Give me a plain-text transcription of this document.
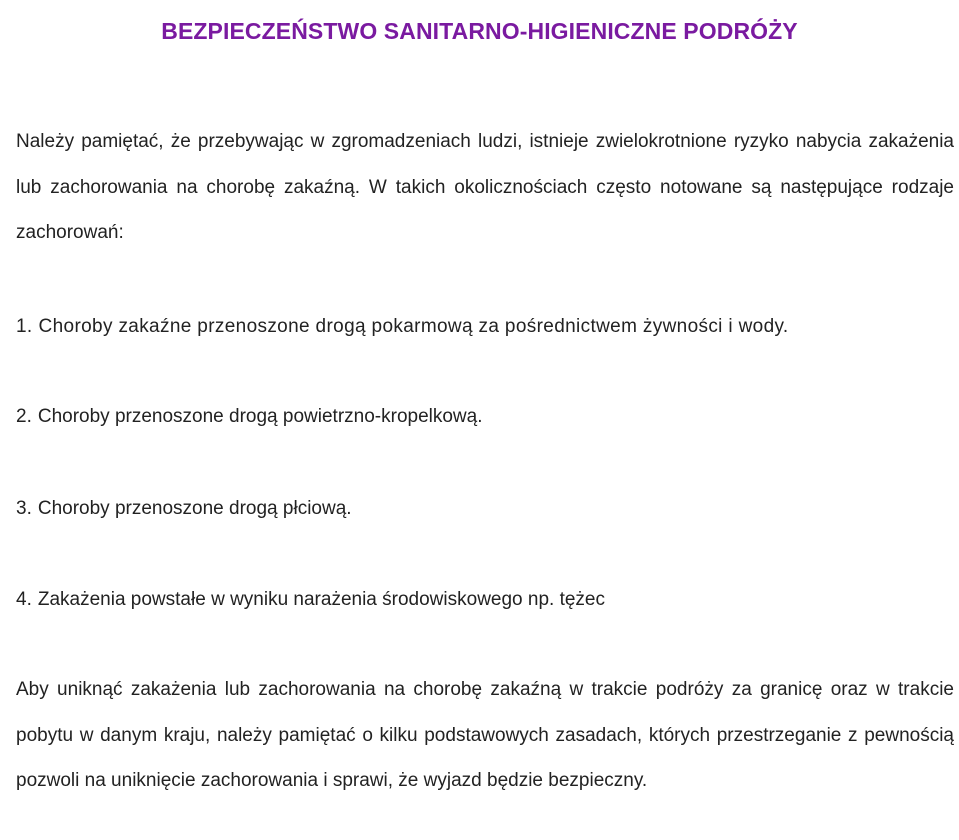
BEZPIECZEŃSTWO SANITARNO-HIGIENICZNE PODRÓŻY

Należy pamiętać, że przebywając w zgromadzeniach ludzi, istnieje zwielokrotnione ryzyko nabycia zakażenia lub zachorowania na chorobę zakaźną. W takich okolicznościach często notowane są następujące rodzaje zachorowań:

1. Choroby zakaźne przenoszone drogą pokarmową za pośrednictwem żywności i wody.
2. Choroby przenoszone drogą powietrzno-kropelkową.
3. Choroby przenoszone drogą płciową.
4. Zakażenia powstałe w wyniku narażenia środowiskowego np. tężec

Aby uniknąć zakażenia lub zachorowania na chorobę zakaźną w trakcie podróży za granicę oraz w trakcie pobytu w danym kraju, należy pamiętać o kilku podstawowych zasadach, których przestrzeganie z pewnością pozwoli na uniknięcie zachorowania i sprawi, że wyjazd będzie bezpieczny.
